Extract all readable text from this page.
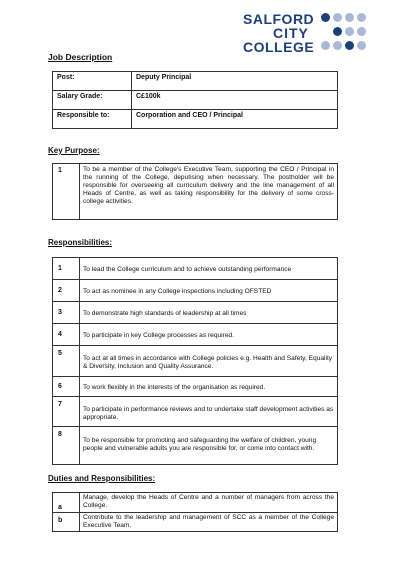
SALFORD
CITY
COLLEGE
Job Description
Post:	Deputy Principal
Salary Grade:	C£100k
Responsible to:	Corporation and CEO / Principal
Key Purpose:
1	To be a member of the College's Executive Team, supporting the CEO / Principal in the running of the College, deputising when necessary. The postholder will be responsible for overseeing all curriculum delivery and the line management of all Heads of Centre, as well as taking responsibility for the delivery of some cross-college activities.
Responsibilities:
1	To lead the College curriculum and to achieve outstanding performance
2	To act as nominee in any College inspections including OFSTED
3	To demonstrate high standards of leadership at all times
4	To participate in key College processes as required.
5	To act at all times in accordance with College policies e.g. Health and Safety, Equality & Diversity, Inclusion and Quality Assurance.
6	To work flexibly in the interests of the organisation as required.
7	To participate in performance reviews and to undertake staff development activities as appropriate.
8	To be responsible for promoting and safeguarding the welfare of children, young people and vulnerable adults you are responsible for, or come into contact with.
Duties and Responsibilities:
a	Manage, develop the Heads of Centre and a number of managers from across the College.
b	Contribute to the leadership and management of SCC as a member of the College Executive Team.
